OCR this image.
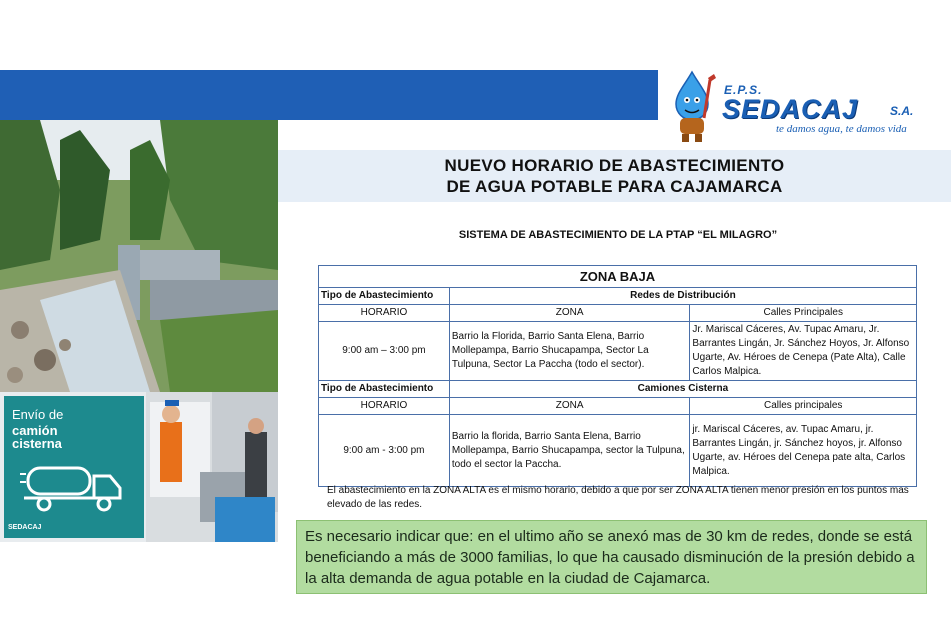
E.P.S.
SEDACAJ	S.A.
te damos agua, te damos vida
Envío de
camión
cisterna
SEDACAJ
NUEVO HORARIO DE ABASTECIMIENTO
DE AGUA POTABLE PARA CAJAMARCA
SISTEMA DE ABASTECIMIENTO DE LA PTAP “EL MILAGRO”
ZONA BAJA		
Tipo de Abastecimiento	Redes de Distribución	
HORARIO	ZONA	Calles Principales
9:00 am – 3:00 pm	Barrio la Florida, Barrio Santa Elena, Barrio Mollepampa, Barrio Shucapampa, Sector La Tulpuna, Sector La Paccha (todo el sector).	Jr. Mariscal Cáceres, Av. Tupac Amaru, Jr. Barrantes Lingán, Jr. Sánchez Hoyos, Jr. Alfonso Ugarte, Av. Héroes de Cenepa (Pate Alta), Calle Carlos Malpica.
Tipo de Abastecimiento	Camiones Cisterna	
HORARIO	ZONA	Calles principales
9:00 am - 3:00 pm	Barrio la florida, Barrio Santa Elena, Barrio Mollepampa, Barrio Shucapampa, sector la Tulpuna, todo el sector la Paccha.	jr. Mariscal Cáceres, av. Tupac Amaru, jr. Barrantes Lingán, jr. Sánchez hoyos, jr. Alfonso Ugarte, av. Héroes del Cenepa pate alta, Carlos Malpica.
El abastecimiento en la ZONA ALTA es el mismo horario, debido a que por ser ZONA ALTA tienen menor presión en los puntos mas elevado de las redes.
Es necesario indicar que: en el ultimo año se anexó mas de 30 km de redes, donde se está beneficiando a más de 3000 familias, lo que ha causado disminución de la presión debido a la alta demanda de agua potable en la ciudad de Cajamarca.
